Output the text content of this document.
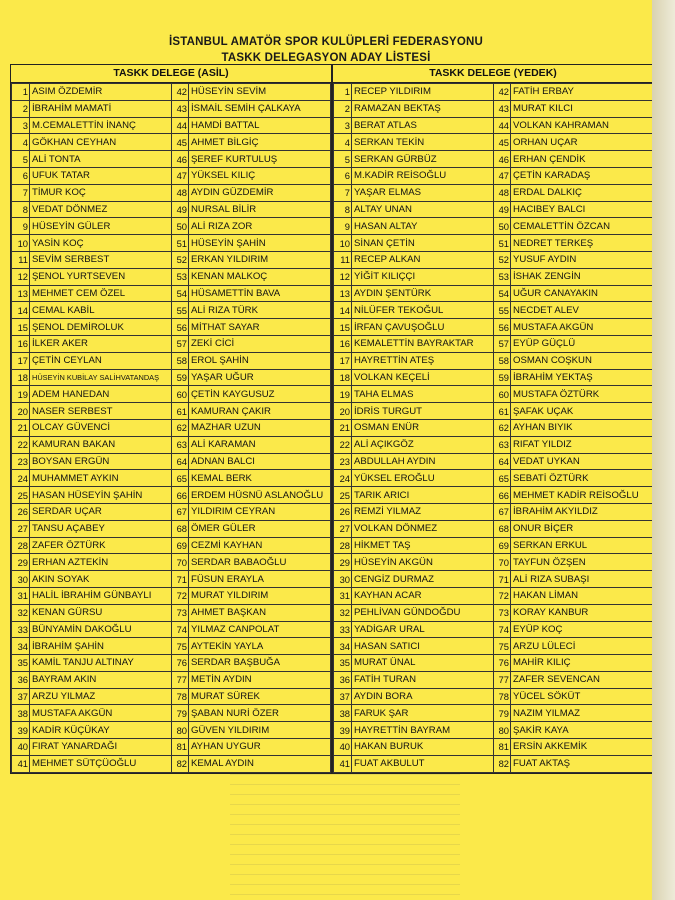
İSTANBUL AMATÖR SPOR KULÜPLERİ FEDERASYONU
TASKK DELEGASYON ADAY LİSTESİ
TASKK DELEGE (ASİL)
1	ASIM ÖZDEMİR	42	HÜSEYİN SEVİM
2	İBRAHİM MAMATİ	43	İSMAİL SEMİH ÇALKAYA
3	M.CEMALETTİN İNANÇ	44	HAMDİ BATTAL
4	GÖKHAN CEYHAN	45	AHMET BİLGİÇ
5	ALİ TONTA	46	ŞEREF KURTULUŞ
6	UFUK TATAR	47	YÜKSEL KILIÇ
7	TİMUR KOÇ	48	AYDIN GÜZDEMİR
8	VEDAT DÖNMEZ	49	NURSAL BİLİR
9	HÜSEYİN GÜLER	50	ALİ RIZA ZOR
10	YASİN KOÇ	51	HÜSEYİN ŞAHİN
11	SEVİM SERBEST	52	ERKAN YILDIRIM
12	ŞENOL YURTSEVEN	53	KENAN MALKOÇ
13	MEHMET CEM ÖZEL	54	HÜSAMETTİN BAVA
14	CEMAL KABİL	55	ALİ RIZA TÜRK
15	ŞENOL DEMİROLUK	56	MİTHAT SAYAR
16	İLKER AKER	57	ZEKİ CİCİ
17	ÇETİN CEYLAN	58	EROL ŞAHİN
18	HÜSEYİN KUBİLAY SALİHVATANDAŞ	59	YAŞAR UĞUR
19	ADEM HANEDAN	60	ÇETİN KAYGUSUZ
20	NASER SERBEST	61	KAMURAN ÇAKIR
21	OLCAY GÜVENCİ	62	MAZHAR UZUN
22	KAMURAN BAKAN	63	ALİ KARAMAN
23	BOYSAN ERGÜN	64	ADNAN BALCI
24	MUHAMMET AYKIN	65	KEMAL BERK
25	HASAN HÜSEYİN ŞAHİN	66	ERDEM HÜSNÜ ASLANOĞLU
26	SERDAR UÇAR	67	YILDIRIM CEYRAN
27	TANSU AÇABEY	68	ÖMER GÜLER
28	ZAFER ÖZTÜRK	69	CEZMİ KAYHAN
29	ERHAN AZTEKİN	70	SERDAR BABAOĞLU
30	AKIN SOYAK	71	FÜSUN ERAYLA
31	HALİL İBRAHİM GÜNBAYLI	72	MURAT YILDIRIM
32	KENAN GÜRSU	73	AHMET BAŞKAN
33	BÜNYAMİN DAKOĞLU	74	YILMAZ CANPOLAT
34	İBRAHİM ŞAHİN	75	AYTEKİN YAYLA
35	KAMİL TANJU ALTINAY	76	SERDAR BAŞBUĞA
36	BAYRAM AKIN	77	METİN AYDIN
37	ARZU YILMAZ	78	MURAT SÜREK
38	MUSTAFA AKGÜN	79	ŞABAN NURİ ÖZER
39	KADİR KÜÇÜKAY	80	GÜVEN YILDIRIM
40	FIRAT YANARDAĞI	81	AYHAN UYGUR
41	MEHMET SÜTÇÜOĞLU	82	KEMAL AYDIN
TASKK DELEGE (YEDEK)
1	RECEP YILDIRIM	42	FATİH ERBAY
2	RAMAZAN BEKTAŞ	43	MURAT KILCI
3	BERAT ATLAS	44	VOLKAN KAHRAMAN
4	SERKAN TEKİN	45	ORHAN UÇAR
5	SERKAN GÜRBÜZ	46	ERHAN ÇENDİK
6	M.KADİR REİSOĞLU	47	ÇETİN KARADAŞ
7	YAŞAR ELMAS	48	ERDAL DALKIÇ
8	ALTAY UNAN	49	HACIBEY BALCI
9	HASAN ALTAY	50	CEMALETTİN ÖZCAN
10	SİNAN ÇETİN	51	NEDRET TERKEŞ
11	RECEP ALKAN	52	YUSUF AYDIN
12	YİĞİT KILIÇÇI	53	İSHAK ZENGİN
13	AYDIN ŞENTÜRK	54	UĞUR CANAYAKIN
14	NİLÜFER TEKOĞUL	55	NECDET ALEV
15	İRFAN ÇAVUŞOĞLU	56	MUSTAFA AKGÜN
16	KEMALETTİN BAYRAKTAR	57	EYÜP GÜÇLÜ
17	HAYRETTİN ATEŞ	58	OSMAN COŞKUN
18	VOLKAN KEÇELİ	59	İBRAHİM YEKTAŞ
19	TAHA ELMAS	60	MUSTAFA ÖZTÜRK
20	İDRİS TURGUT	61	ŞAFAK UÇAK
21	OSMAN ENÜR	62	AYHAN BIYIK
22	ALİ AÇIKGÖZ	63	RIFAT YILDIZ
23	ABDULLAH AYDIN	64	VEDAT UYKAN
24	YÜKSEL EROĞLU	65	SEBATİ ÖZTÜRK
25	TARIK ARICI	66	MEHMET KADİR REİSOĞLU
26	REMZİ YILMAZ	67	İBRAHİM AKYILDIZ
27	VOLKAN DÖNMEZ	68	ONUR BİÇER
28	HİKMET TAŞ	69	SERKAN ERKUL
29	HÜSEYİN AKGÜN	70	TAYFUN ÖZŞEN
30	CENGİZ DURMAZ	71	ALİ RIZA SUBAŞI
31	KAYHAN ACAR	72	HAKAN LİMAN
32	PEHLİVAN GÜNDOĞDU	73	KORAY KANBUR
33	YADİGAR URAL	74	EYÜP KOÇ
34	HASAN SATICI	75	ARZU LÜLECİ
35	MURAT ÜNAL	76	MAHİR KILIÇ
36	FATİH TURAN	77	ZAFER SEVENCAN
37	AYDIN BORA	78	YÜCEL SÖKÜT
38	FARUK ŞAR	79	NAZIM YILMAZ
39	HAYRETTİN BAYRAM	80	ŞAKİR KAYA
40	HAKAN BURUK	81	ERSİN AKKEMİK
41	FUAT AKBULUT	82	FUAT AKTAŞ
